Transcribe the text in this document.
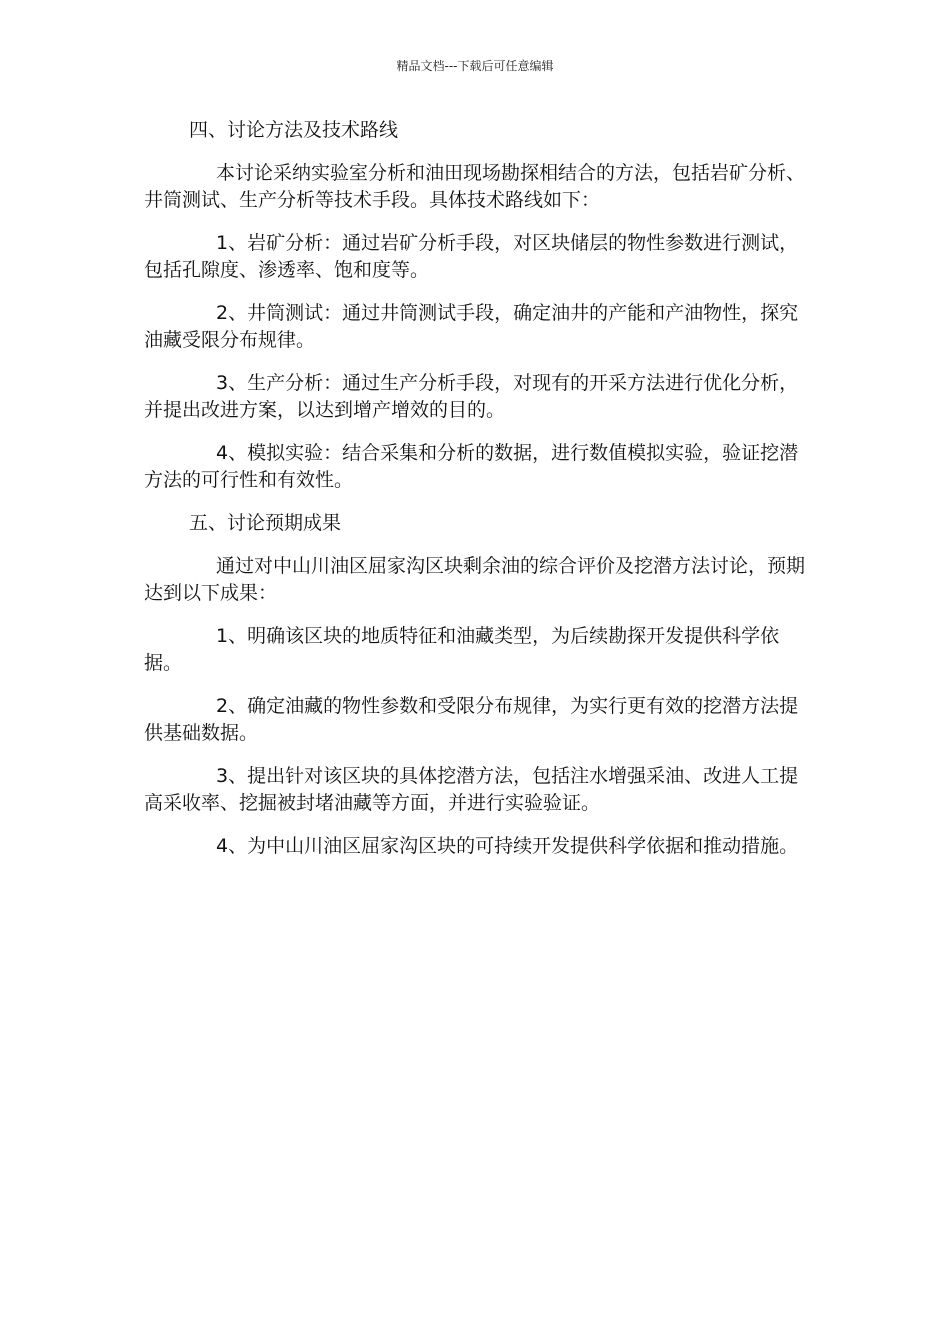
精品文档---下载后可任意编辑
四、讨论方法及技术路线

本讨论采纳实验室分析和油田现场勘探相结合的方法，包括岩矿分析、井筒测试、生产分析等技术手段。具体技术路线如下：

1、岩矿分析：通过岩矿分析手段，对区块储层的物性参数进行测试，包括孔隙度、渗透率、饱和度等。

2、井筒测试：通过井筒测试手段，确定油井的产能和产油物性，探究油藏受限分布规律。

3、生产分析：通过生产分析手段，对现有的开采方法进行优化分析，并提出改进方案，以达到增产增效的目的。

4、模拟实验：结合采集和分析的数据，进行数值模拟实验，验证挖潜方法的可行性和有效性。

五、讨论预期成果

通过对中山川油区屈家沟区块剩余油的综合评价及挖潜方法讨论，预期达到以下成果：

1、明确该区块的地质特征和油藏类型，为后续勘探开发提供科学依据。

2、确定油藏的物性参数和受限分布规律，为实行更有效的挖潜方法提供基础数据。

3、提出针对该区块的具体挖潜方法，包括注水增强采油、改进人工提高采收率、挖掘被封堵油藏等方面，并进行实验验证。

4、为中山川油区屈家沟区块的可持续开发提供科学依据和推动措施。
